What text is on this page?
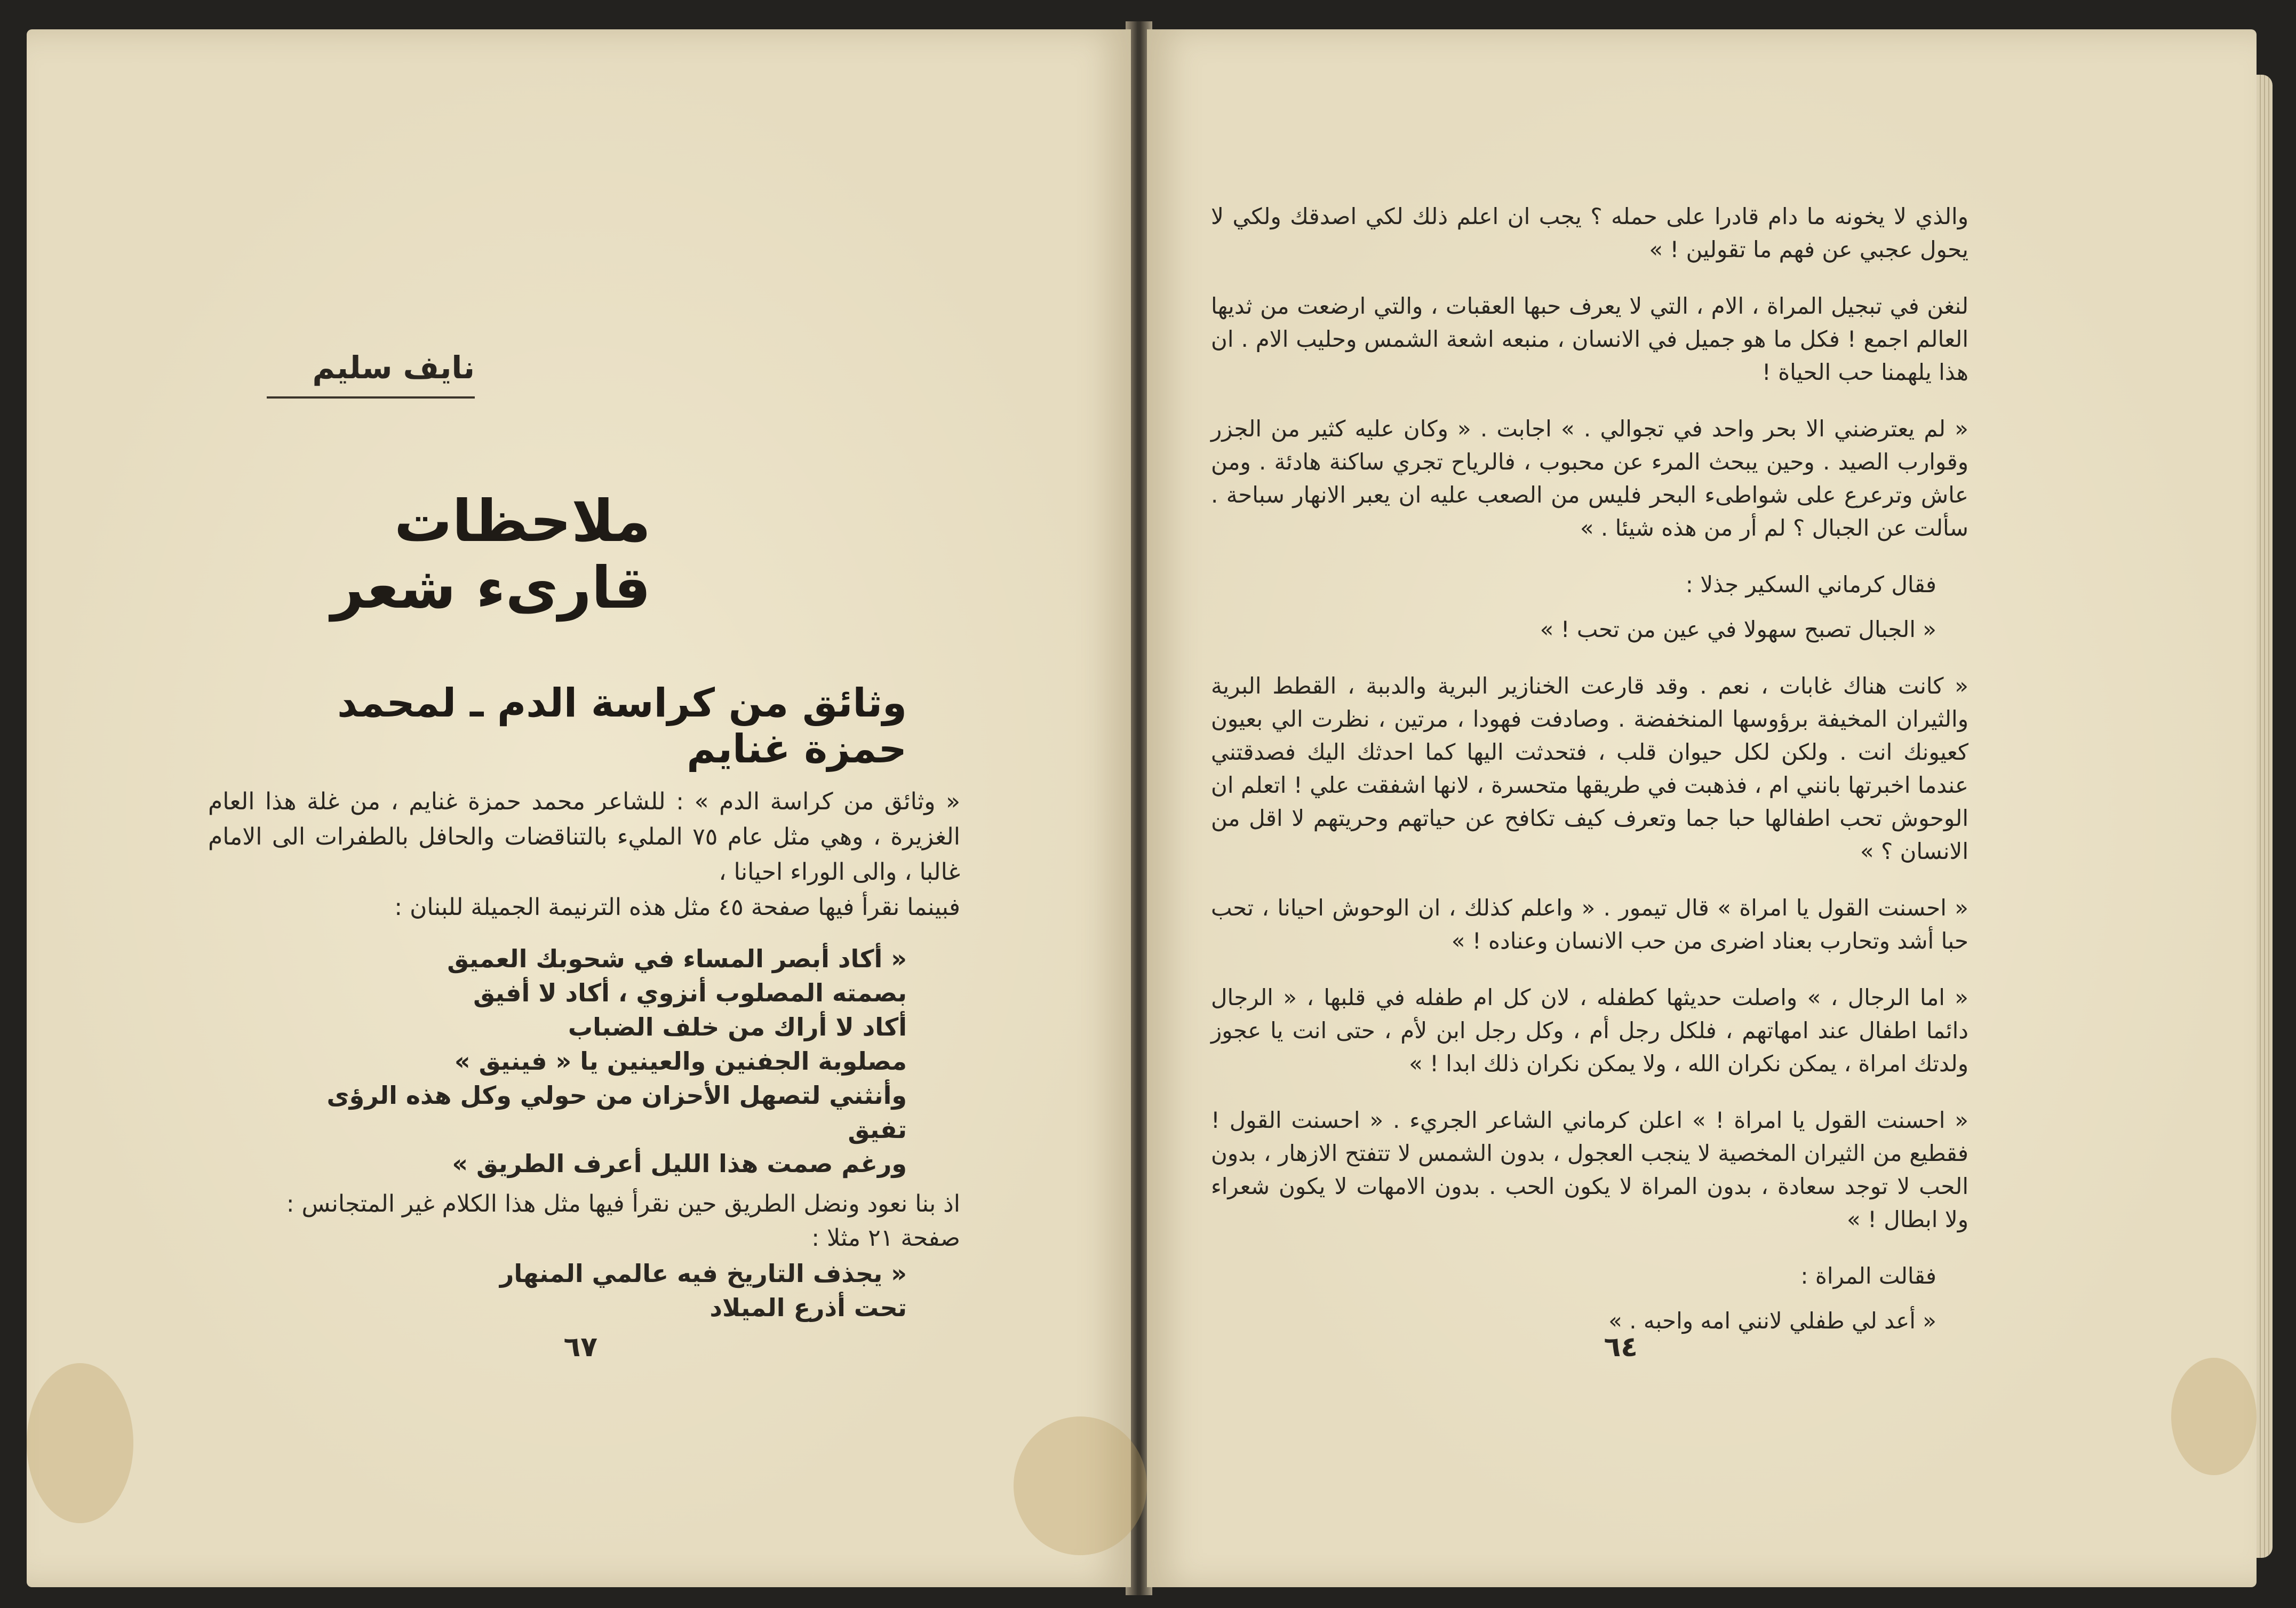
نايف سليم
ملاحظات قارىء شعر
وثائق من كراسة الدم ـ لمحمد حمزة غنايم

« وثائق من كراسة الدم » : للشاعر محمد حمزة غنايم ، من غلة هذا العام الغزيرة ، وهي مثل عام ٧٥ المليء بالتناقضات والحافل بالطفرات الى الامام غالبا ، والى الوراء احيانا ،

فبينما نقرأ فيها صفحة ٤٥ مثل هذه الترنيمة الجميلة للبنان :

« أكاد أبصر المساء في شحوبك العميق

بصمته المصلوب أنزوي ، أكاد لا أفيق

أكاد لا أراك من خلف الضباب

مصلوبة الجفنين والعينين يا « فينيق »

وأنثني لتصهل الأحزان من حولي وكل هذه الرؤى تفيق

ورغم صمت هذا الليل أعرف الطريق »

اذ بنا نعود ونضل الطريق حين نقرأ فيها مثل هذا الكلام غير المتجانس :

صفحة ٢١ مثلا :

« يجذف التاريخ فيه عالمي المنهار

تحت أذرع الميلاد

٦٧

والذي لا يخونه ما دام قادرا على حمله ؟ يجب ان اعلم ذلك لكي اصدقك ولكي لا يحول عجبي عن فهم ما تقولين ! »

لنغن في تبجيل المراة ، الام ، التي لا يعرف حبها العقبات ، والتي ارضعت من ثديها العالم اجمع ! فكل ما هو جميل في الانسان ، منبعه اشعة الشمس وحليب الام . ان هذا يلهمنا حب الحياة !

« لم يعترضني الا بحر واحد في تجوالي . » اجابت . « وكان عليه كثير من الجزر وقوارب الصيد . وحين يبحث المرء عن محبوب ، فالرياح تجري ساكنة هادئة . ومن عاش وترعرع على شواطىء البحر فليس من الصعب عليه ان يعبر الانهار سباحة . سألت عن الجبال ؟ لم أر من هذه شيئا . »

فقال كرماني السكير جذلا :

« الجبال تصبح سهولا في عين من تحب ! »

« كانت هناك غابات ، نعم . وقد قارعت الخنازير البرية والدببة ، القطط البرية والثيران المخيفة برؤوسها المنخفضة . وصادفت فهودا ، مرتين ، نظرت الي بعيون كعيونك انت . ولكن لكل حيوان قلب ، فتحدثت اليها كما احدثك اليك فصدقتني عندما اخبرتها بانني ام ، فذهبت في طريقها متحسرة ، لانها اشفقت علي ! اتعلم ان الوحوش تحب اطفالها حبا جما وتعرف كيف تكافح عن حياتهم وحريتهم لا اقل من الانسان ؟ »

« احسنت القول يا امراة » قال تيمور . « واعلم كذلك ، ان الوحوش احيانا ، تحب حبا أشد وتحارب بعناد اضرى من حب الانسان وعناده ! »

« اما الرجال ، » واصلت حديثها كطفله ، لان كل ام طفله في قلبها ، « الرجال دائما اطفال عند امهاتهم ، فلكل رجل أم ، وكل رجل ابن لأم ، حتى انت يا عجوز ولدتك امراة ، يمكن نكران الله ، ولا يمكن نكران ذلك ابدا ! »

« احسنت القول يا امراة ! » اعلن كرماني الشاعر الجريء . « احسنت القول ! فقطيع من الثيران المخصية لا ينجب العجول ، بدون الشمس لا تتفتح الازهار ، بدون الحب لا توجد سعادة ، بدون المراة لا يكون الحب . بدون الامهات لا يكون شعراء ولا ابطال ! »

فقالت المراة :

« أعد لي طفلي لانني امه واحبه . »

٦٤
